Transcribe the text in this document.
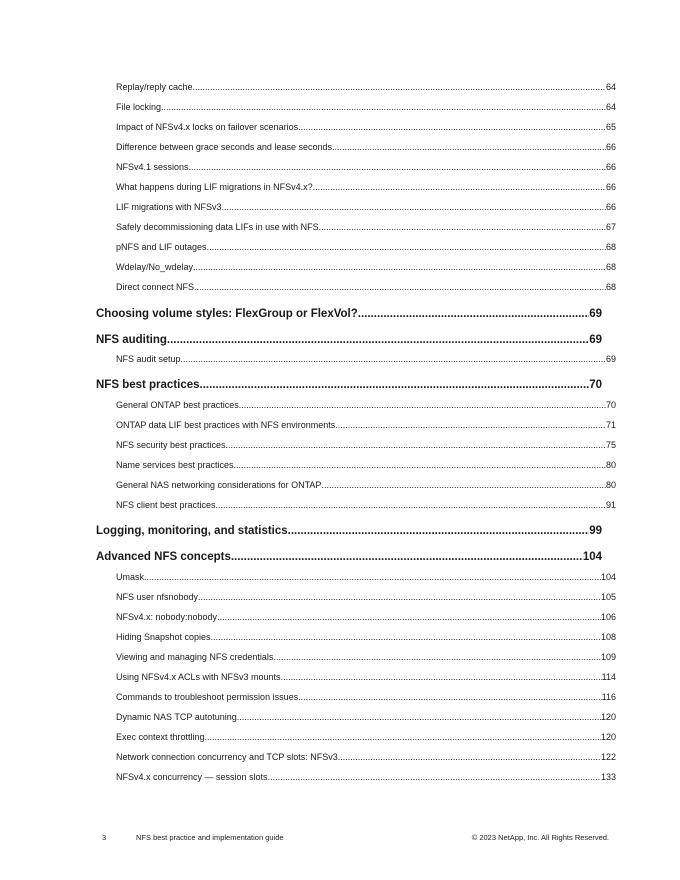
Replay/reply cache .....	64
File locking .....	64
Impact of NFSv4.x locks on failover scenarios .....	65
Difference between grace seconds and lease seconds .....	66
NFSv4.1 sessions .....	66
What happens during LIF migrations in NFSv4.x? .....	66
LIF migrations with NFSv3 .....	66
Safely decommissioning data LIFs in use with NFS .....	67
pNFS and LIF outages .....	68
Wdelay/No_wdelay .....	68
Direct connect NFS .....	68
Choosing volume styles: FlexGroup or FlexVol? .....	69
NFS auditing .....	69
NFS audit setup .....	69
NFS best practices .....	70
General ONTAP best practices .....	70
ONTAP data LIF best practices with NFS environments .....	71
NFS security best practices .....	75
Name services best practices .....	80
General NAS networking considerations for ONTAP .....	80
NFS client best practices .....	91
Logging, monitoring, and statistics .....	99
Advanced NFS concepts .....	104
Umask .....	104
NFS user nfsnobody .....	105
NFSv4.x: nobody:nobody .....	106
Hiding Snapshot copies .....	108
Viewing and managing NFS credentials .....	109
Using NFSv4.x ACLs with NFSv3 mounts .....	114
Commands to troubleshoot permission issues .....	116
Dynamic NAS TCP autotuning .....	120
Exec context throttling .....	120
Network connection concurrency and TCP slots: NFSv3 .....	122
NFSv4.x concurrency — session slots .....	133
3	NFS best practice and implementation guide	© 2023 NetApp, Inc. All Rights Reserved.
